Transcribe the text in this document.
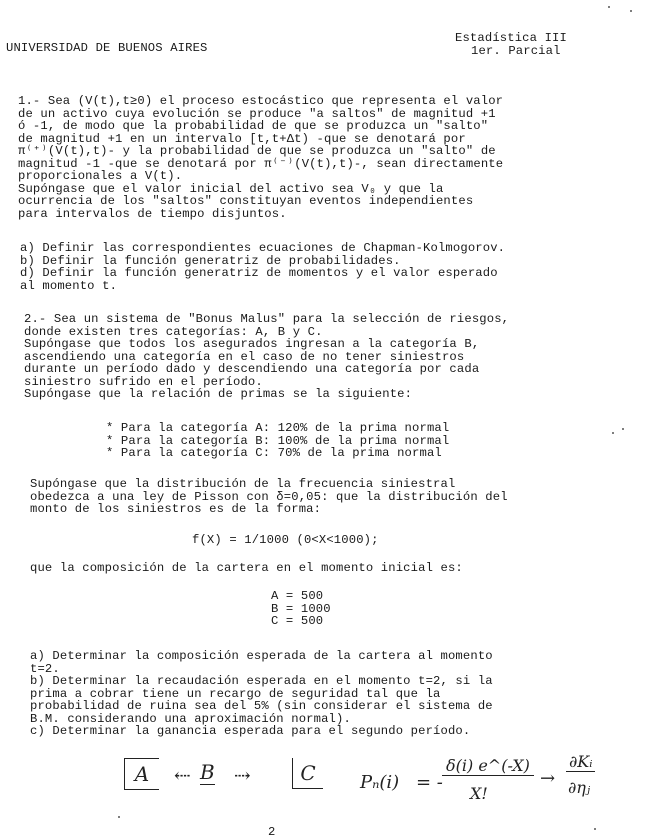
UNIVERSIDAD DE BUENOS AIRES
Estadística III
1er. Parcial
1.- Sea (V(t),t≥0) el proceso estocástico que representa el valor
de un activo cuya evolución se produce "a saltos" de magnitud +1
ó -1, de modo que la probabilidad de que se produzca un "salto"
de magnitud +1 en un intervalo [t,t+Δt) -que se denotará por
π⁽⁺⁾(V(t),t)- y la probabilidad de que se produzca un "salto" de
magnitud -1 -que se denotará por π⁽⁻⁾(V(t),t)-, sean directamente
proporcionales a V(t).
Supóngase que el valor inicial del activo sea V₀ y que la
ocurrencia de los "saltos" constituyan eventos independientes
para intervalos de tiempo disjuntos.
a) Definir las correspondientes ecuaciones de Chapman-Kolmogorov.
b) Definir la función generatriz de probabilidades.
d) Definir la función generatriz de momentos y el valor esperado
al momento t.
2.- Sea un sistema de "Bonus Malus" para la selección de riesgos,
donde existen tres categorías: A, B y C.
Supóngase que todos los asegurados ingresan a la categoría B,
ascendiendo una categoría en el caso de no tener siniestros
durante un período dado y descendiendo una categoría por cada
siniestro sufrido en el período.
Supóngase que la relación de primas se la siguiente:
* Para la categoría A: 120% de la prima normal
* Para la categoría B: 100% de la prima normal
* Para la categoría C: 70% de la prima normal
Supóngase que la distribución de la frecuencia siniestral
obedezca a una ley de Pisson con δ=0,05: que la distribución del
monto de los siniestros es de la forma:
f(X) = 1/1000 (0<X<1000);
que la composición de la cartera en el momento inicial es:
A = 500
B = 1000
C = 500
a) Determinar la composición esperada de la cartera al momento
t=2.
b) Determinar la recaudación esperada en el momento t=2, si la
prima a cobrar tiene un recargo de seguridad tal que la
probabilidad de ruina sea del 5% (sin considerar el sistema de
B.M. considerando una aproximación normal).
c) Determinar la ganancia esperada para el segundo período.
A	⇠ B ⇢	C	Pₙ(i) = -
δ(i) e^(-X)
X!
→
∂Kᵢ
∂ηⱼ
2
